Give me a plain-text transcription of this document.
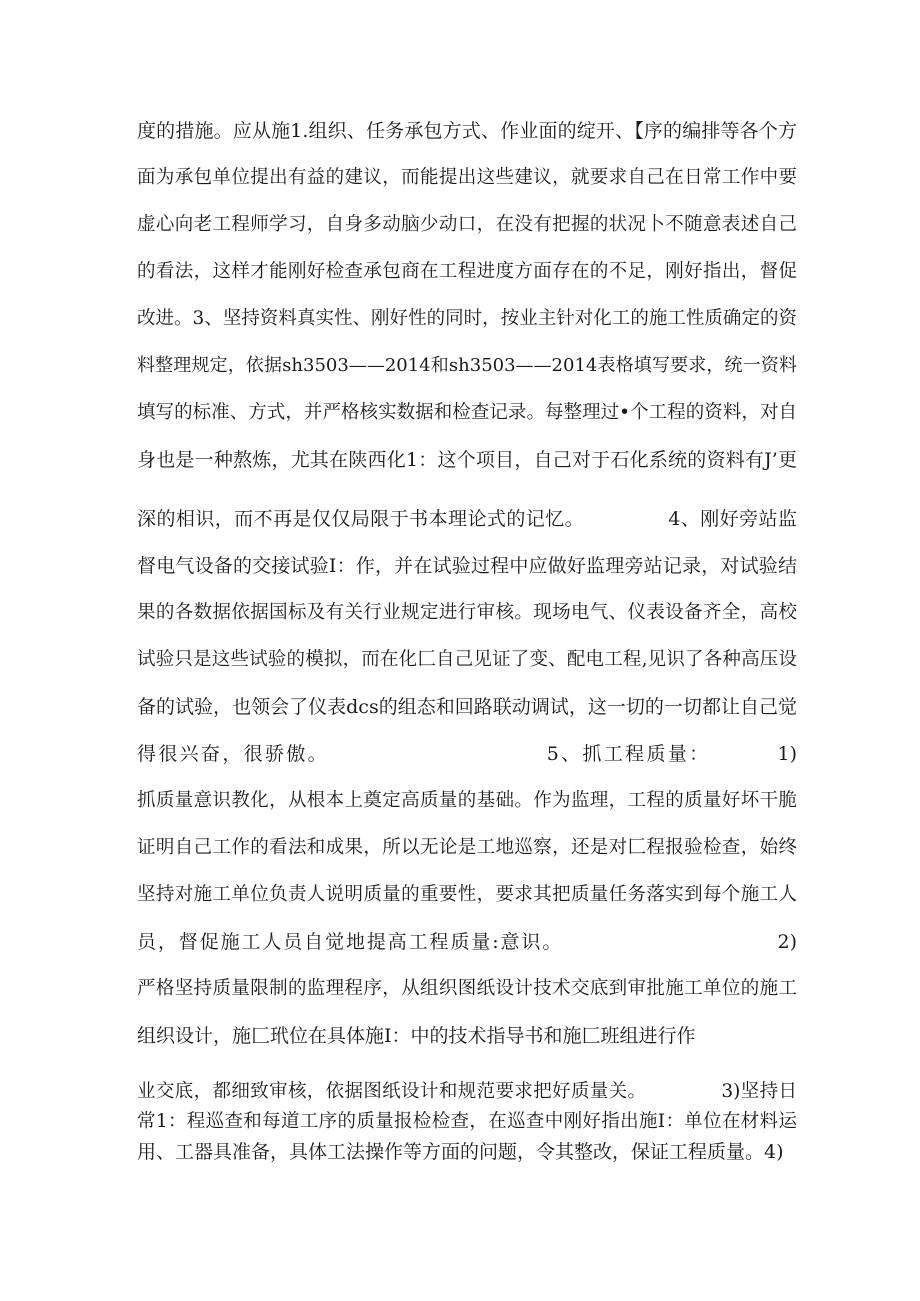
度的措施。应从施1.组织、任务承包方式、作业面的绽开、【序的编排等各个方

面为承包单位提出有益的建议，而能提出这些建议，就要求自己在日常工作中要

虚心向老工程师学习，自身多动脑少动口，在没有把握的状况卜不随意表述自己

的看法，这样才能刚好检查承包商在工程进度方面存在的不足，刚好指出，督促

改进。3、坚持资料真实性、刚好性的同时，按业主针对化工的施工性质确定的资

料整理规定，依据sh3503——2014和sh3503——2014表格填写要求，统一资料

填写的标准、方式，并严格核实数据和检查记录。每整理过•个工程的资料，对自

身也是一种熬炼，尤其在陕西化1：这个项目，自己对于石化系统的资料有J’更

深的相识，而不再是仅仅局限于书本理论式的记忆。             4、刚好旁站监

督电气设备的交接试验I：作，并在试验过程中应做好监理旁站记录，对试验结

果的各数据依据国标及有关行业规定进行审核。现场电气、仪表设备齐全，高校

试验只是这些试验的模拟，而在化匚自己见证了变、配电工程,见识了各种高压设

备的试验，也领会了仪表dcs的组态和回路联动调试，这一切的一切都让自己觉

得很兴奋，很骄傲。                          5、抓工程质量：        1)

抓质量意识教化，从根本上奠定高质量的基础。作为监理，工程的质量好坏干脆

证明自己工作的看法和成果，所以无论是工地巡察，还是对匚程报验检查，始终

坚持对施工单位负责人说明质量的重要性，要求其把质量任务落实到每个施工人

员，督促施工人员自觉地提高工程质量:意识。                           2)

严格坚持质量限制的监理程序，从组织图纸设计技术交底到审批施工单位的施工

组织设计，施匚玳位在具体施I：中的技术指导书和施匚班组进行作

业交底，都细致审核，依据图纸设计和规范要求把好质量关。            3)坚持日

常1：程巡查和每道工序的质量报检检查，在巡查中刚好指出施I：单位在材料运

用、工器具准备，具体工法操作等方面的问题，令其整改，保证工程质量。4)
